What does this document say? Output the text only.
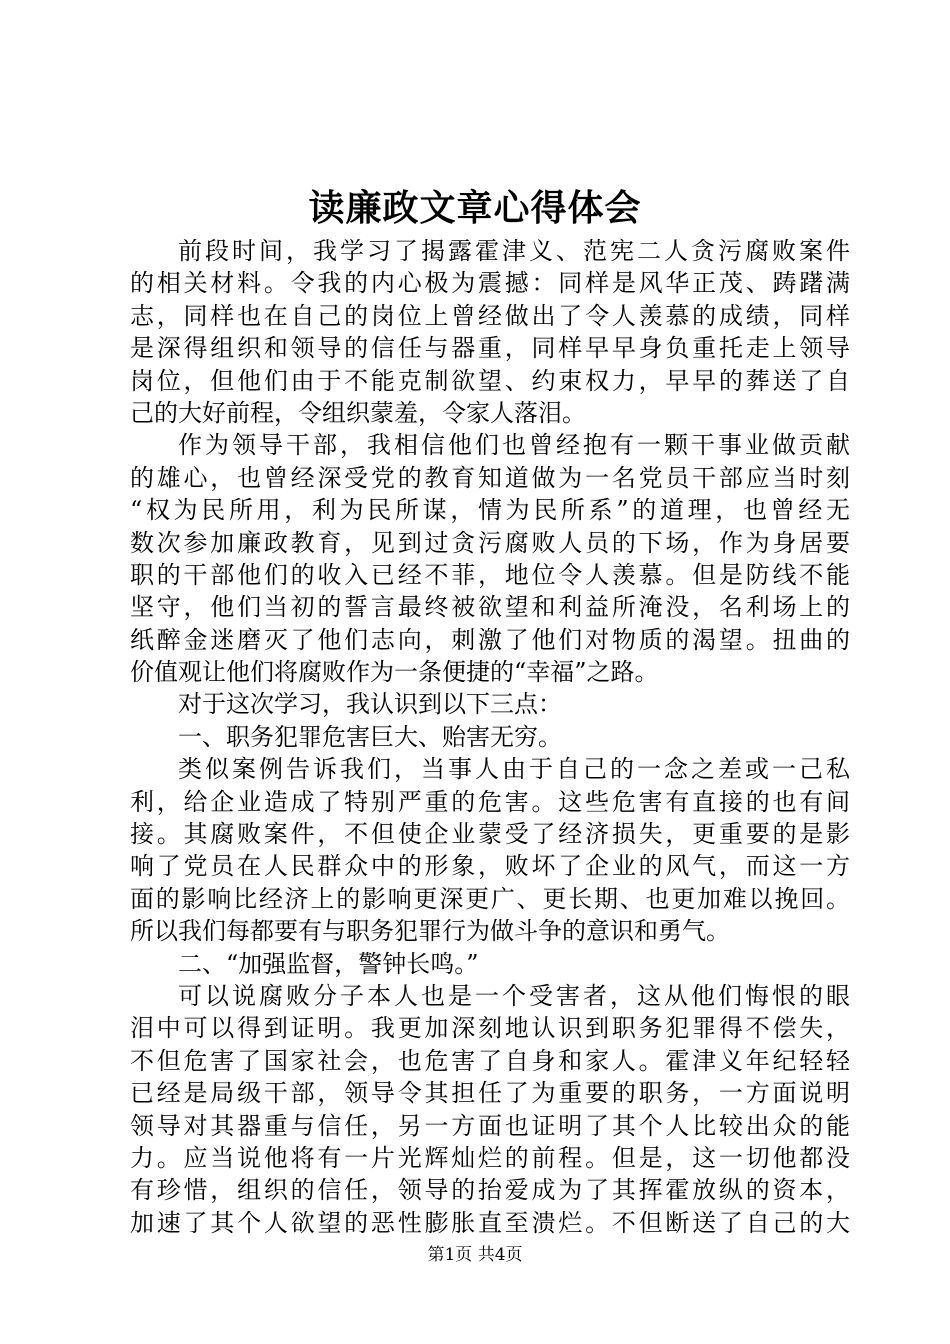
读廉政文章心得体会
前段时间，我学习了揭露霍津义、范宪二人贪污腐败案件
的相关材料。令我的内心极为震撼：同样是风华正茂、踌躇满
志，同样也在自己的岗位上曾经做出了令人羡慕的成绩，同样
是深得组织和领导的信任与器重，同样早早身负重托走上领导
岗位，但他们由于不能克制欲望、约束权力，早早的葬送了自
己的大好前程，令组织蒙羞，令家人落泪。
作为领导干部，我相信他们也曾经抱有一颗干事业做贡献
的雄心，也曾经深受党的教育知道做为一名党员干部应当时刻
“权为民所用，利为民所谋，情为民所系”的道理，也曾经无
数次参加廉政教育，见到过贪污腐败人员的下场，作为身居要
职的干部他们的收入已经不菲，地位令人羡慕。但是防线不能
坚守，他们当初的誓言最终被欲望和利益所淹没，名利场上的
纸醉金迷磨灭了他们志向，刺激了他们对物质的渴望。扭曲的
价值观让他们将腐败作为一条便捷的“幸福”之路。
对于这次学习，我认识到以下三点：
一、职务犯罪危害巨大、贻害无穷。
类似案例告诉我们，当事人由于自己的一念之差或一己私
利，给企业造成了特别严重的危害。这些危害有直接的也有间
接。其腐败案件，不但使企业蒙受了经济损失，更重要的是影
响了党员在人民群众中的形象，败坏了企业的风气，而这一方
面的影响比经济上的影响更深更广、更长期、也更加难以挽回。
所以我们每都要有与职务犯罪行为做斗争的意识和勇气。
二、“加强监督，警钟长鸣。”
可以说腐败分子本人也是一个受害者，这从他们悔恨的眼
泪中可以得到证明。我更加深刻地认识到职务犯罪得不偿失，
不但危害了国家社会，也危害了自身和家人。霍津义年纪轻轻
已经是局级干部，领导令其担任了为重要的职务，一方面说明
领导对其器重与信任，另一方面也证明了其个人比较出众的能
力。应当说他将有一片光辉灿烂的前程。但是，这一切他都没
有珍惜，组织的信任，领导的抬爱成为了其挥霍放纵的资本，
加速了其个人欲望的恶性膨胀直至溃烂。不但断送了自己的大
第1页 共4页
